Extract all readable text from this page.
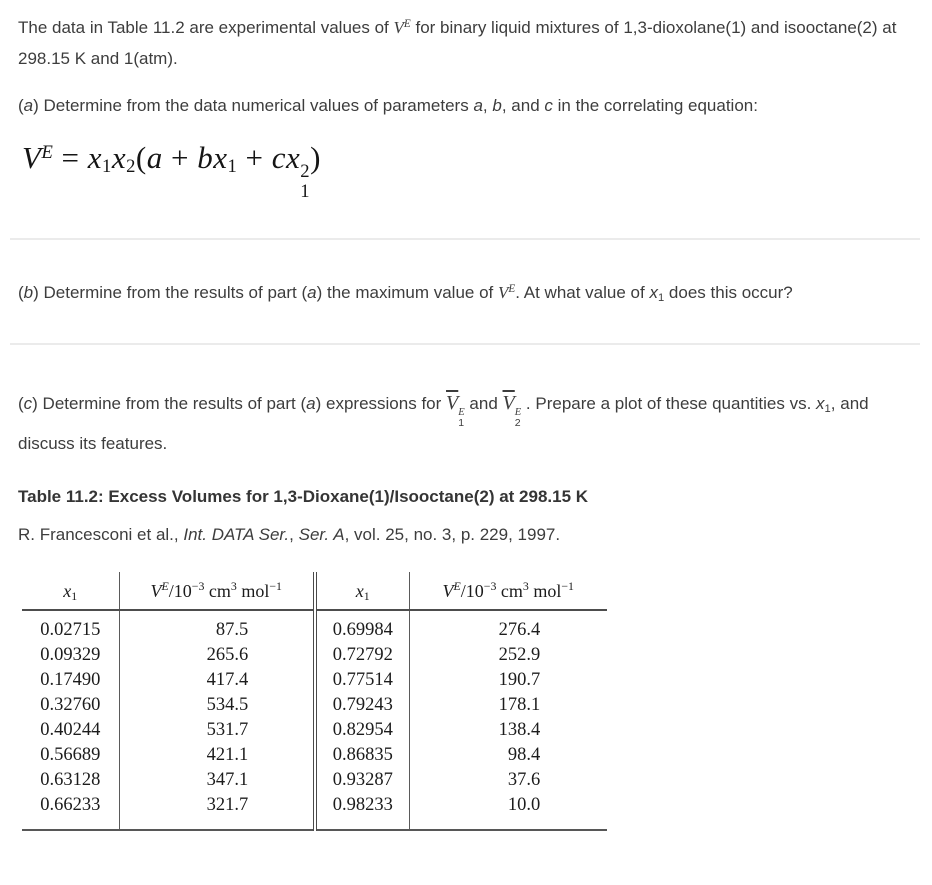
The data in Table 11.2 are experimental values of $V^E$ for binary liquid mixtures of 1,3-dioxolane(1) and isooctane(2) at 298.15 K and 1(atm).

(a) Determine from the data numerical values of parameters a, b, and c in the correlating equation:

$V^E = x1x2(a + bx1$ + cx 2
1
)

(b) Determine from the results of part (a) the maximum value of $V^E$. At what value of x1 does this occur?

(c) Determine from the results of part (a) expressions for $\overline{V}$ E
1
and $\overline{V}$ E
2
. Prepare a plot of these quantities vs. x1, and discuss its features.

Table 11.2: Excess Volumes for 1,3-Dioxane(1)/Isooctane(2) at 298.15 K

R. Francesconi et al., Int. DATA Ser., Ser. A, vol. 25, no. 3, p. 229, 1997.

x1	$V^E/10^{-3}$ $cm^3$ mol$^{-1}$	x1	$V^E/10^{-3}$ $cm^3$ mol$^{-1}$
0.02715	87.5	0.69984	276.4
0.09329	265.6	0.72792	252.9
0.17490	417.4	0.77514	190.7
0.32760	534.5	0.79243	178.1
0.40244	531.7	0.82954	138.4
0.56689	421.1	0.86835	98.4
0.63128	347.1	0.93287	37.6
0.66233	321.7	0.98233	10.0
